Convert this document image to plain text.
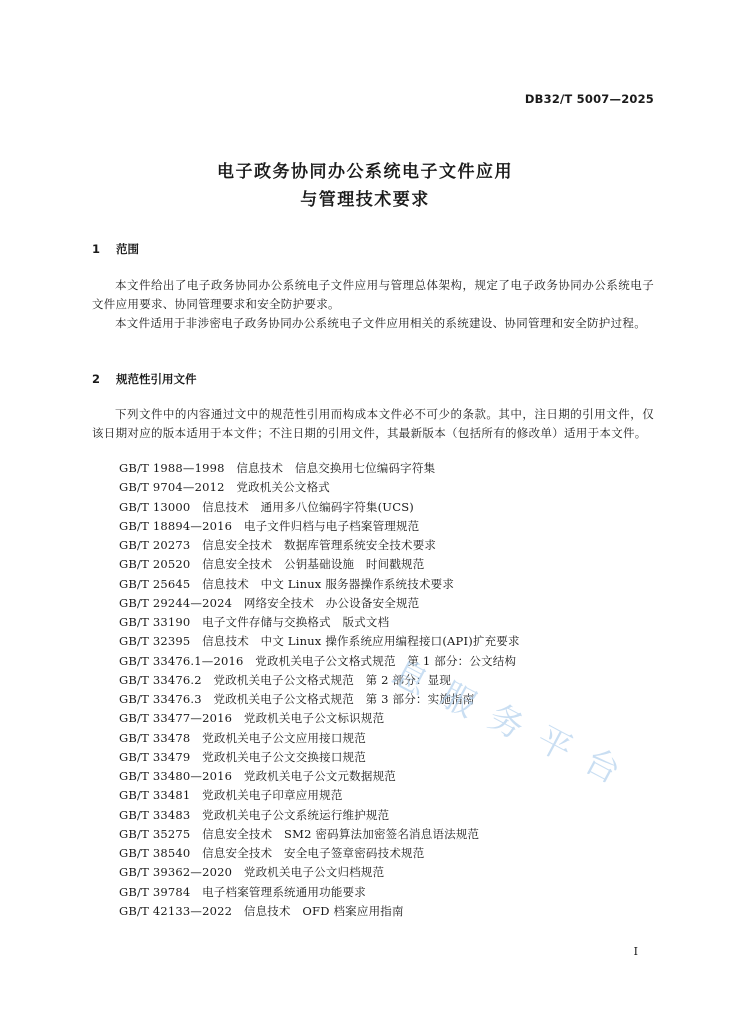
DB32/T 5007—2025
电子政务协同办公系统电子文件应用
与管理技术要求
1 范围
本文件给出了电子政务协同办公系统电子文件应用与管理总体架构，规定了电子政务协同办公系统电子文件应用要求、协同管理要求和安全防护要求。
本文件适用于非涉密电子政务协同办公系统电子文件应用相关的系统建设、协同管理和安全防护过程。
2 规范性引用文件
下列文件中的内容通过文中的规范性引用而构成本文件必不可少的条款。其中，注日期的引用文件，仅该日期对应的版本适用于本文件；不注日期的引用文件，其最新版本（包括所有的修改单）适用于本文件。
GB/T 1988—1998　信息技术　信息交换用七位编码字符集
GB/T 9704—2012　党政机关公文格式
GB/T 13000　信息技术　通用多八位编码字符集(UCS)
GB/T 18894—2016　电子文件归档与电子档案管理规范
GB/T 20273　信息安全技术　数据库管理系统安全技术要求
GB/T 20520　信息安全技术　公钥基础设施　时间戳规范
GB/T 25645　信息技术　中文 Linux 服务器操作系统技术要求
GB/T 29244—2024　网络安全技术　办公设备安全规范
GB/T 33190　电子文件存储与交换格式　版式文档
GB/T 32395　信息技术　中文 Linux 操作系统应用编程接口(API)扩充要求
GB/T 33476.1—2016　党政机关电子公文格式规范　第 1 部分：公文结构
GB/T 33476.2　党政机关电子公文格式规范　第 2 部分：显现
GB/T 33476.3　党政机关电子公文格式规范　第 3 部分：实施指南
GB/T 33477—2016　党政机关电子公文标识规范
GB/T 33478　党政机关电子公文应用接口规范
GB/T 33479　党政机关电子公文交换接口规范
GB/T 33480—2016　党政机关电子公文元数据规范
GB/T 33481　党政机关电子印章应用规范
GB/T 33483　党政机关电子公文系统运行维护规范
GB/T 35275　信息安全技术　SM2 密码算法加密签名消息语法规范
GB/T 38540　信息安全技术　安全电子签章密码技术规范
GB/T 39362—2020　党政机关电子公文归档规范
GB/T 39784　电子档案管理系统通用功能要求
GB/T 42133—2022　信息技术　OFD 档案应用指南
息 服 务 平 台
I
